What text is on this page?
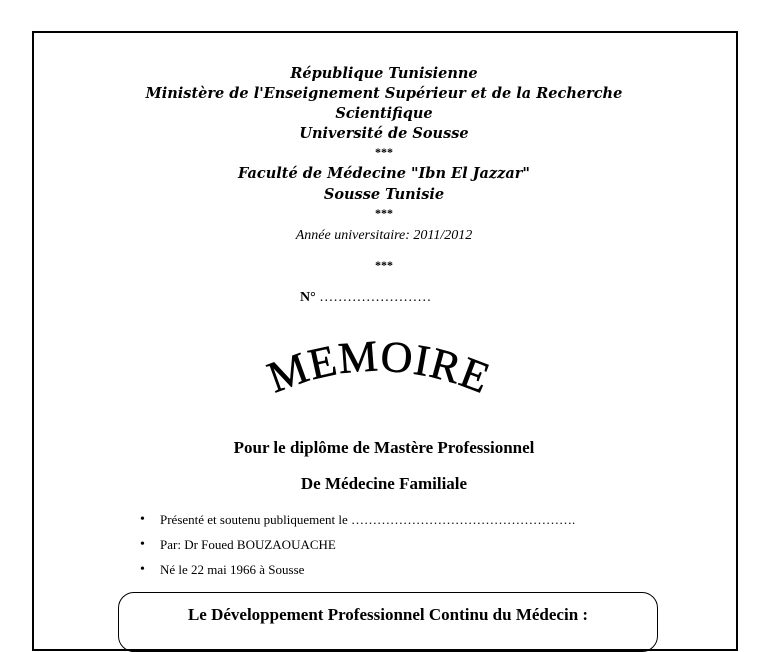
République Tunisienne
Ministère de l'Enseignement Supérieur et de la Recherche
Scientifique
Université de Sousse
***
Faculté de Médecine "Ibn El Jazzar"
Sousse Tunisie
***
Année universitaire: 2011/2012
***
N° ……………………
MEMOIRE
Pour le diplôme de Mastère Professionnel
De Médecine Familiale
• Présenté et soutenu publiquement le …………………………………………….
• Par: Dr Foued BOUZAOUACHE
• Né le 22 mai 1966 à Sousse
Le Développement Professionnel Continu du Médecin :
